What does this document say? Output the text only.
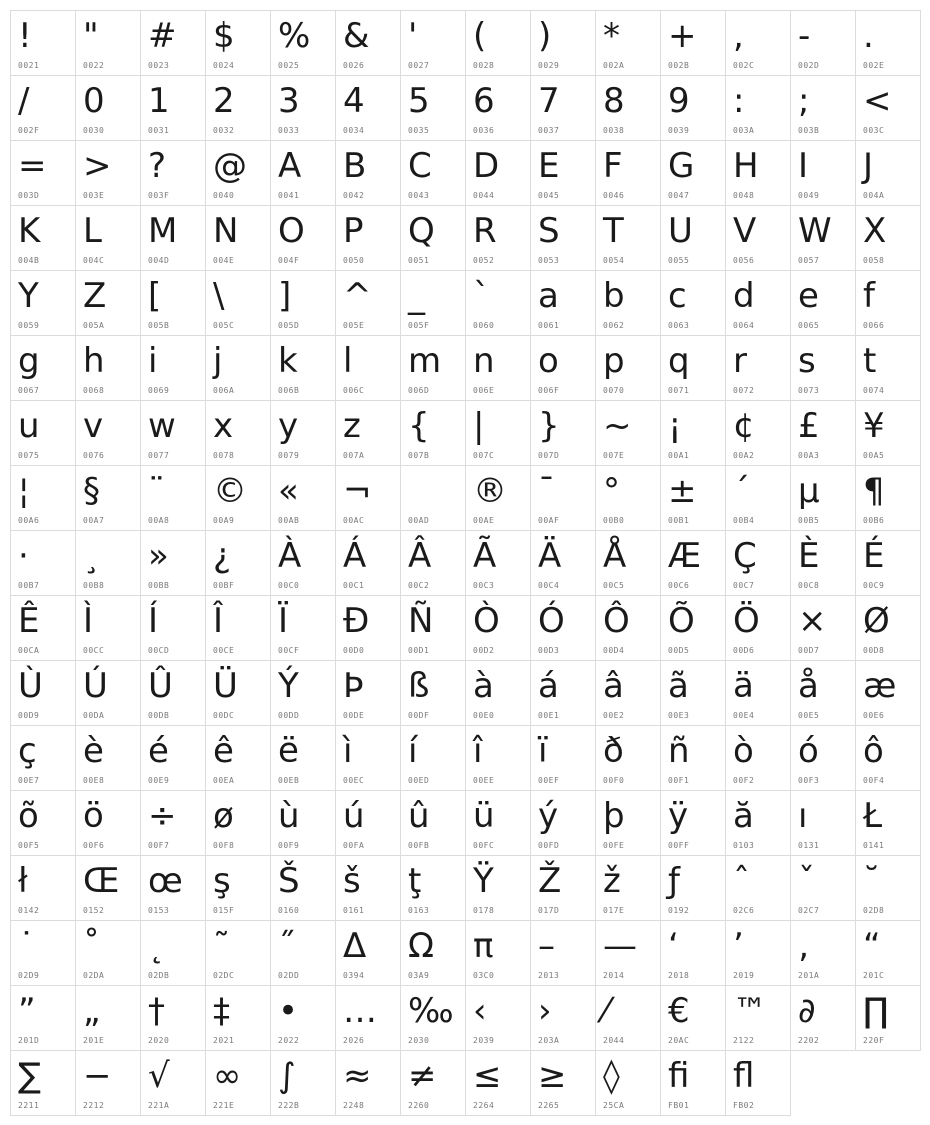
!
0021
"
0022
#
0023
$
0024
%
0025
&
0026
'
0027
(
0028
)
0029
*
002A
+
002B
,
002C
-
002D
.
002E
/
002F
0
0030
1
0031
2
0032
3
0033
4
0034
5
0035
6
0036
7
0037
8
0038
9
0039
:
003A
;
003B
<
003C
=
003D
>
003E
?
003F
@
0040
A
0041
B
0042
C
0043
D
0044
E
0045
F
0046
G
0047
H
0048
I
0049
J
004A
K
004B
L
004C
M
004D
N
004E
O
004F
P
0050
Q
0051
R
0052
S
0053
T
0054
U
0055
V
0056
W
0057
X
0058
Y
0059
Z
005A
[
005B
\
005C
]
005D
^
005E
_
005F
`
0060
a
0061
b
0062
c
0063
d
0064
e
0065
f
0066
g
0067
h
0068
i
0069
j
006A
k
006B
l
006C
m
006D
n
006E
o
006F
p
0070
q
0071
r
0072
s
0073
t
0074
u
0075
v
0076
w
0077
x
0078
y
0079
z
007A
{
007B
|
007C
}
007D
~
007E
¡
00A1
¢
00A2
£
00A3
¥
00A5
¦
00A6
§
00A7
¨
00A8
©
00A9
«
00AB
¬
00AC	00AD
®
00AE
¯
00AF
°
00B0
±
00B1
´
00B4
µ
00B5
¶
00B6
·
00B7
¸
00B8
»
00BB
¿
00BF
À
00C0
Á
00C1
Â
00C2
Ã
00C3
Ä
00C4
Å
00C5
Æ
00C6
Ç
00C7
È
00C8
É
00C9
Ê
00CA
Ì
00CC
Í
00CD
Î
00CE
Ï
00CF
Ð
00D0
Ñ
00D1
Ò
00D2
Ó
00D3
Ô
00D4
Õ
00D5
Ö
00D6
×
00D7
Ø
00D8
Ù
00D9
Ú
00DA
Û
00DB
Ü
00DC
Ý
00DD
Þ
00DE
ß
00DF
à
00E0
á
00E1
â
00E2
ã
00E3
ä
00E4
å
00E5
æ
00E6
ç
00E7
è
00E8
é
00E9
ê
00EA
ë
00EB
ì
00EC
í
00ED
î
00EE
ï
00EF
ð
00F0
ñ
00F1
ò
00F2
ó
00F3
ô
00F4
õ
00F5
ö
00F6
÷
00F7
ø
00F8
ù
00F9
ú
00FA
û
00FB
ü
00FC
ý
00FD
þ
00FE
ÿ
00FF
ă
0103
ı
0131
Ł
0141
ł
0142
Œ
0152
œ
0153
ş
015F
Š
0160
š
0161
ţ
0163
Ÿ
0178
Ž
017D
ž
017E
ƒ
0192
ˆ
02C6
ˇ
02C7
˘
02D8
˙
02D9
˚
02DA
˛
02DB
˜
02DC
˝
02DD
Δ
0394
Ω
03A9
π
03C0
–
2013
—
2014
‘
2018
’
2019
‚
201A
“
201C
”
201D
„
201E
†
2020
‡
2021
•
2022
…
2026
‰
2030
‹
2039
›
203A
⁄
2044
€
20AC
™
2122
∂
2202
∏
220F
∑
2211
−
2212
√
221A
∞
221E
∫
222B
≈
2248
≠
2260
≤
2264
≥
2265
◊
25CA
ﬁ
FB01
ﬂ
FB02
